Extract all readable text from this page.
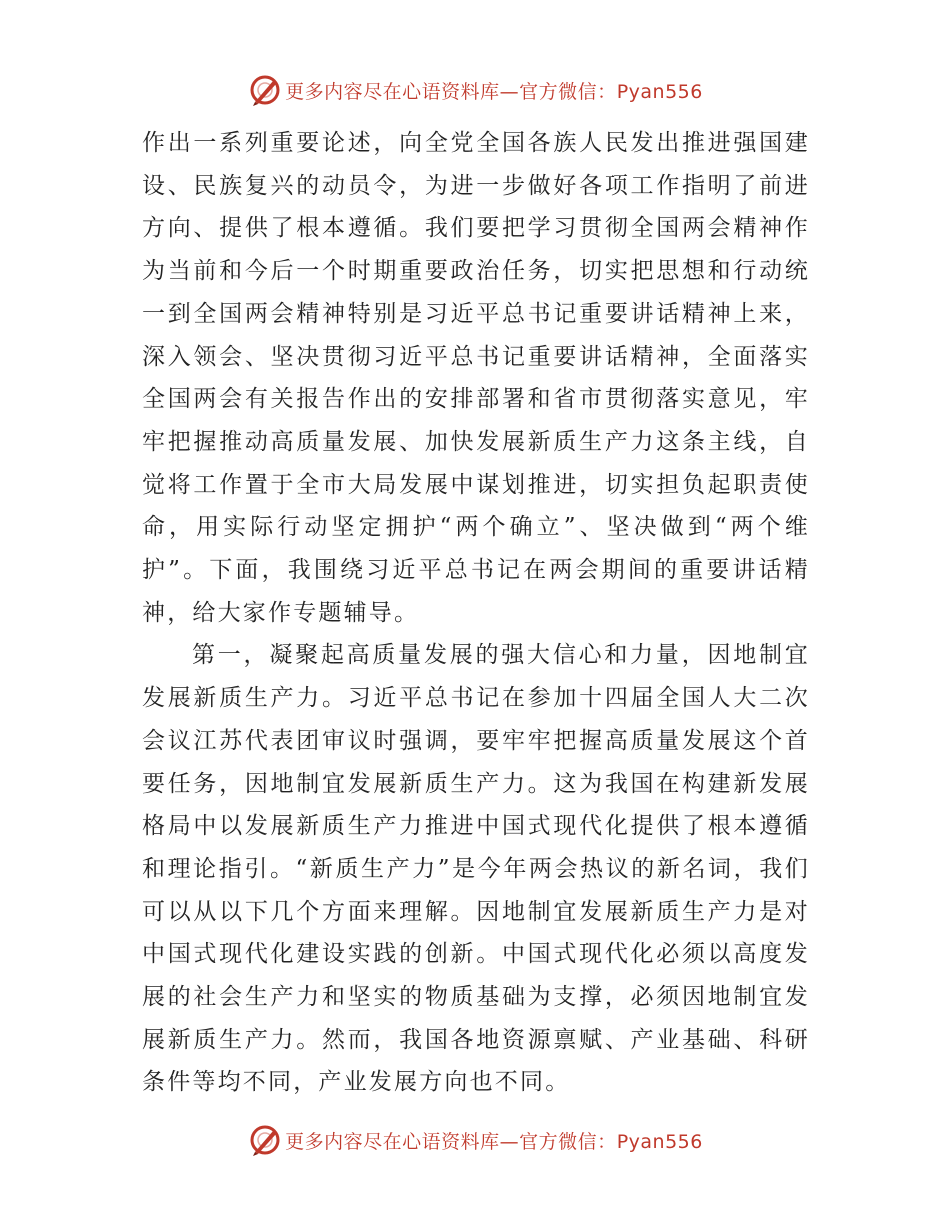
更多内容尽在心语资料库—官方微信：Pyan556

作出一系列重要论述，向全党全国各族人民发出推进强国建设、民族复兴的动员令，为进一步做好各项工作指明了前进方向、提供了根本遵循。我们要把学习贯彻全国两会精神作为当前和今后一个时期重要政治任务，切实把思想和行动统一到全国两会精神特别是习近平总书记重要讲话精神上来，深入领会、坚决贯彻习近平总书记重要讲话精神，全面落实全国两会有关报告作出的安排部署和省市贯彻落实意见，牢牢把握推动高质量发展、加快发展新质生产力这条主线，自觉将工作置于全市大局发展中谋划推进，切实担负起职责使命，用实际行动坚定拥护“两个确立”、坚决做到“两个维护”。下面，我围绕习近平总书记在两会期间的重要讲话精神，给大家作专题辅导。

第一，凝聚起高质量发展的强大信心和力量，因地制宜发展新质生产力。习近平总书记在参加十四届全国人大二次会议江苏代表团审议时强调，要牢牢把握高质量发展这个首要任务，因地制宜发展新质生产力。这为我国在构建新发展格局中以发展新质生产力推进中国式现代化提供了根本遵循和理论指引。“新质生产力”是今年两会热议的新名词，我们可以从以下几个方面来理解。因地制宜发展新质生产力是对中国式现代化建设实践的创新。中国式现代化必须以高度发展的社会生产力和坚实的物质基础为支撑，必须因地制宜发展新质生产力。然而，我国各地资源禀赋、产业基础、科研条件等均不同，产业发展方向也不同。

更多内容尽在心语资料库—官方微信：Pyan556
